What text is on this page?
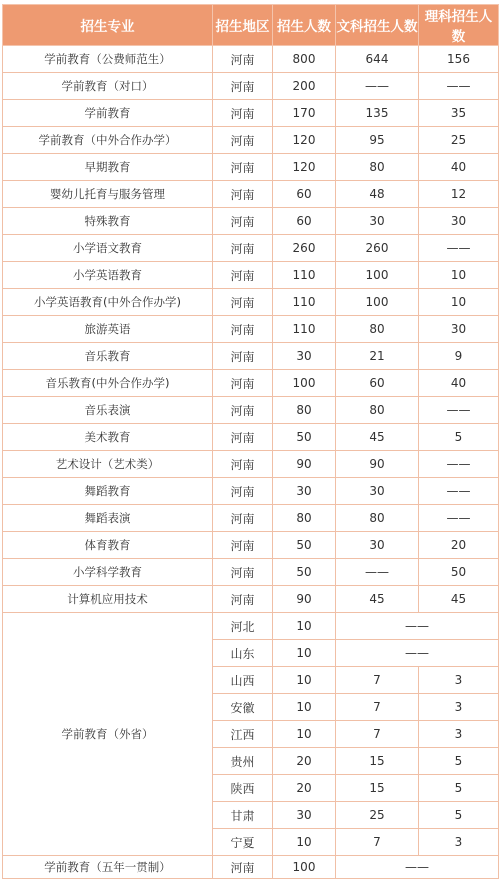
招生专业	招生地区	招生人数	文科招生人数	理科招生人数
学前教育（公费师范生）	河南	800	644	156
学前教育（对口）	河南	200	——	——
学前教育	河南	170	135	35
学前教育（中外合作办学）	河南	120	95	25
早期教育	河南	120	80	40
婴幼儿托育与服务管理	河南	60	48	12
特殊教育	河南	60	30	30
小学语文教育	河南	260	260	——
小学英语教育	河南	110	100	10
小学英语教育(中外合作办学)	河南	110	100	10
旅游英语	河南	110	80	30
音乐教育	河南	30	21	9
音乐教育(中外合作办学)	河南	100	60	40
音乐表演	河南	80	80	——
美术教育	河南	50	45	5
艺术设计（艺术类）	河南	90	90	——
舞蹈教育	河南	30	30	——
舞蹈表演	河南	80	80	——
体育教育	河南	50	30	20
小学科学教育	河南	50	——	50
计算机应用技术	河南	90	45	45
学前教育（外省）	河北	10	——	
	山东	10	——	
	山西	10	7	3
	安徽	10	7	3
	江西	10	7	3
	贵州	20	15	5
	陕西	20	15	5
	甘肃	30	25	5
	宁夏	10	7	3
学前教育（五年一贯制）	河南	100	——	
